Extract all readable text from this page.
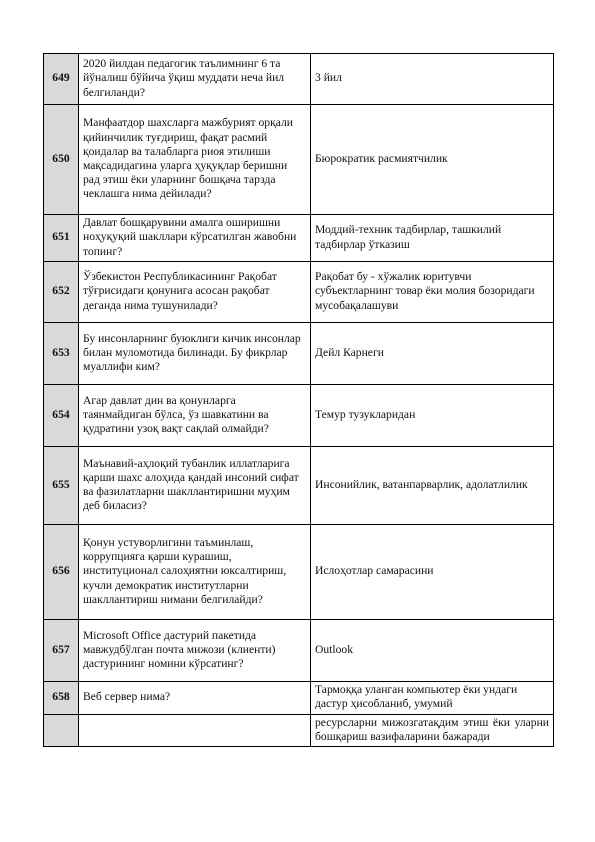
649	2020 йилдан педагогик таълимнинг 6 та йўналиш бўйича ўқиш муддати неча йил белгиланди?	3 йил
650	Манфаатдор шахсларга мажбурият орқали қийинчилик туғдириш, фақат расмий қоидалар ва талабларга риоя этилиши мақсадидагина уларга ҳуқуқлар беришни рад этиш ёки уларнинг бошқача тарзда чеклашга нима дейилади?	Бюрократик расмиятчилик
651	Давлат бошқарувини амалга оширишни ноҳуқуқий шакллари кўрсатилган жавобни топинг?	Моддий-техник тадбирлар, ташкилий тадбирлар ўтказиш
652	Ўзбекистон Республикасининг Рақобат тўғрисидаги қонунига асосан рақобат деганда нима тушунилади?	Рақобат бу - хўжалик юритувчи субъектларнинг товар ёки молия бозоридаги мусобақалашуви
653	Бу инсонларнинг буюклиги кичик инсонлар билан муломотида билинади. Бу фикрлар муаллифи ким?	Дейл Карнеги
654	Агар давлат дин ва қонунларга таянмайдиган бўлса, ўз шавкатини ва қудратини узоқ вақт сақлай олмайди?	Темур тузукларидан
655	Маънавий-аҳлоқий тубанлик иллатларига қарши шахс алоҳида қандай инсоний сифат ва фазилатларни шакллантиришни муҳим деб биласиз?	Инсонийлик, ватанпарварлик, адолатлилик
656	Қонун устуворлигини таъминлаш, коррупцияга қарши курашиш, институционал салоҳиятни юксалтириш, кучли демократик институтларни шакллантириш нимани белгилайди?	Ислоҳотлар самарасини
657	Microsoft Office дастурий пакетида мавжудбўлган почта мижози (клиенти) дастурининг номини кўрсатинг?	Outlook
658	Веб сервер нима?	Тармоққа уланган компьютер ёки ундаги дастур ҳисобланиб, умумий
		ресурсларни мижозгатақдим этиш ёки уларни бошқариш вазифаларини бажаради
